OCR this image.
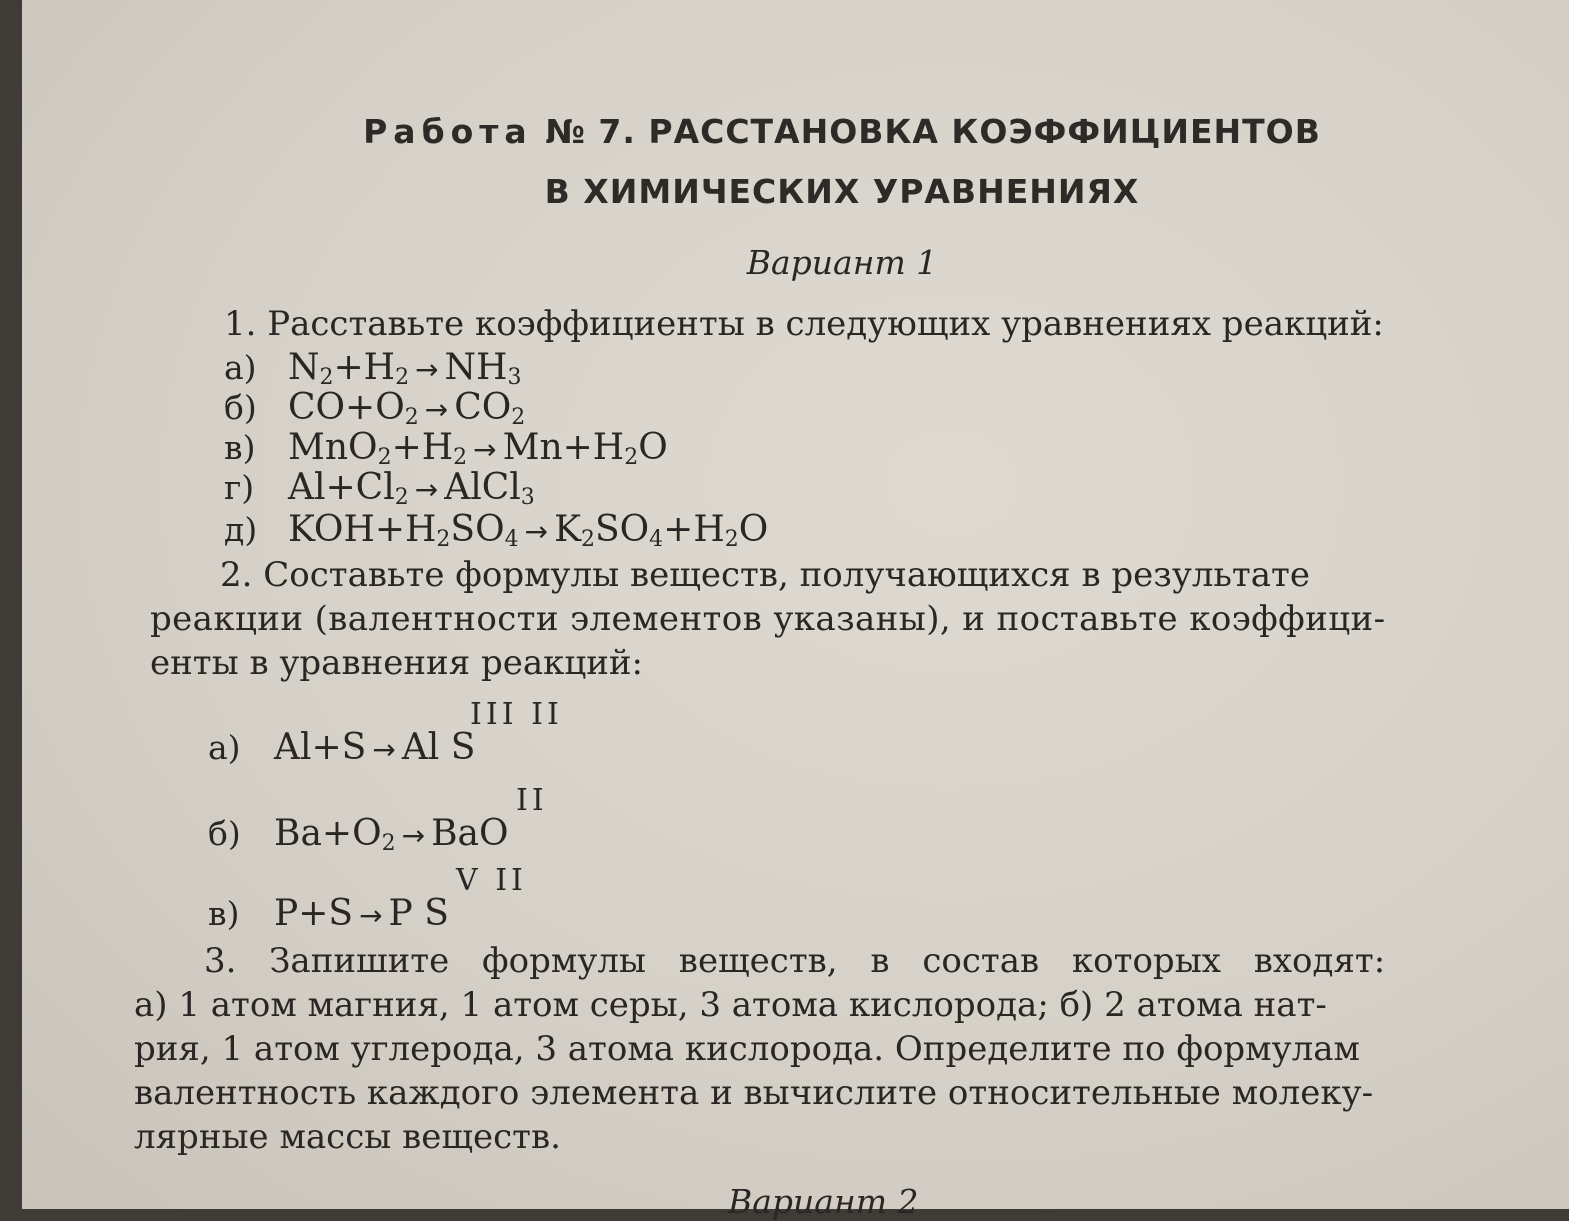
Работа № 7. РАССТАНОВКА КОЭФФИЦИЕНТОВ
В ХИМИЧЕСКИХ УРАВНЕНИЯХ
Вариант 1
1. Расставьте коэффициенты в следующих уравнениях реакций:
а) $N_2+H_2 \to NH_3$
б) $CO+O_2 \to CO_2$
в) $MnO_2+H_2 \to Mn+H_2O$
г) $Al+Cl_2$ → AlCl$_3$
д) $KOH+H_2SO_4 \to K_2SO_4+H_2O$
2. Составьте формулы веществ, получающихся в результате
реакции (валентности элементов указаны), и поставьте коэффици-
енты в уравнения реакций:
III II
а) Al+S → Al S
II
б) $Ba+O_2$ → BaO
V II
в) P+S → P S
3. Запишите формулы веществ, в состав которых входят:
а) 1 атом магния, 1 атом серы, 3 атома кислорода; б) 2 атома нат-
рия, 1 атом углерода, 3 атома кислорода. Определите по формулам
валентность каждого элемента и вычислите относительные молеку-
лярные массы веществ.
Вариант 2
